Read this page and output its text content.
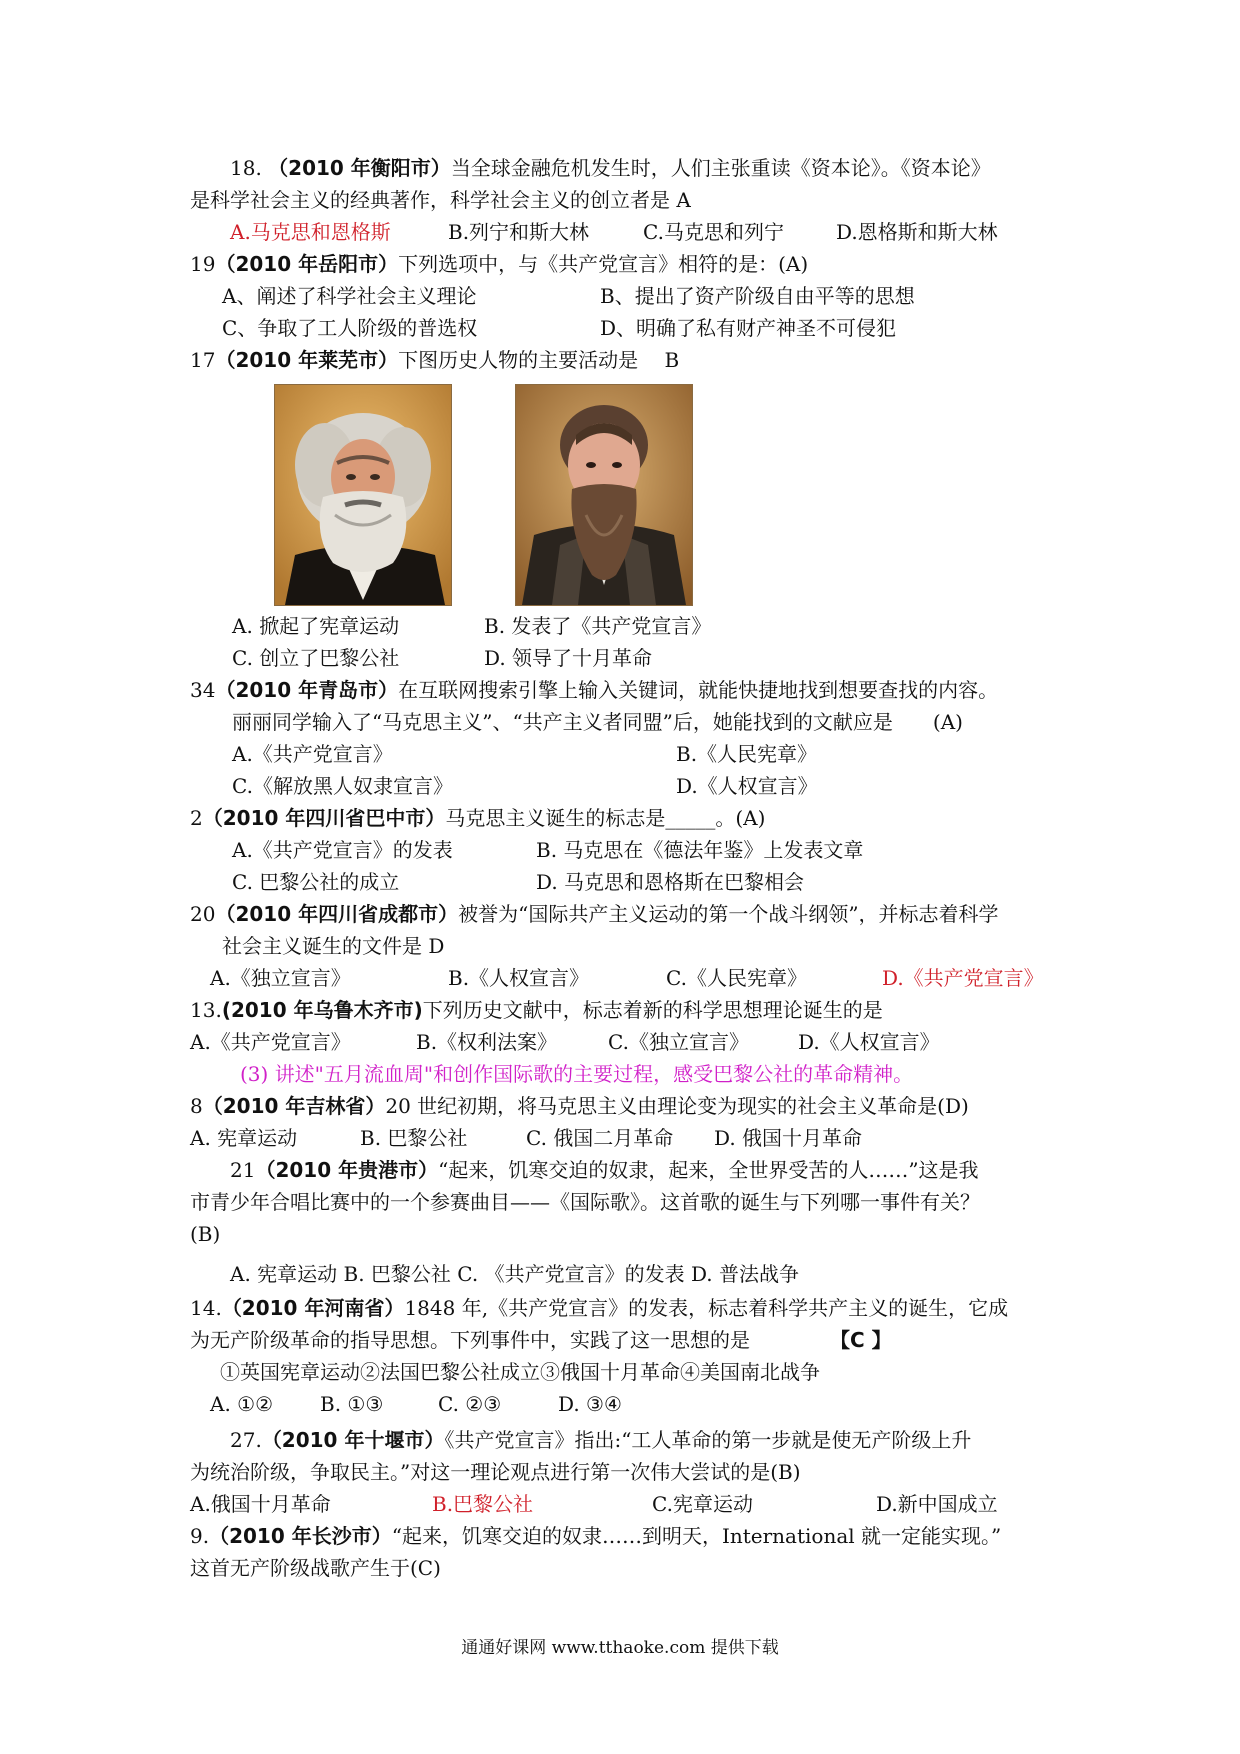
18. （2010 年衡阳市）当全球金融危机发生时，人们主张重读《资本论》。《资本论》
是科学社会主义的经典著作，科学社会主义的创立者是 A
A.马克思和恩格斯	B.列宁和斯大林	C.马克思和列宁	D.恩格斯和斯大林
19（2010 年岳阳市）下列选项中，与《共产党宣言》相符的是：(A)
A、阐述了科学社会主义理论	B、提出了资产阶级自由平等的思想
C、争取了工人阶级的普选权	D、明确了私有财产神圣不可侵犯
17（2010 年莱芜市）下图历史人物的主要活动是　 B
A. 掀起了宪章运动	B. 发表了《共产党宣言》
C. 创立了巴黎公社	D. 领导了十月革命
34（2010 年青岛市）在互联网搜索引擎上输入关键词，就能快捷地找到想要查找的内容。
丽丽同学输入了“马克思主义”、“共产主义者同盟”后，她能找到的文献应是　　(A)
A.《共产党宣言》	B.《人民宪章》
C.《解放黑人奴隶宣言》	D.《人权宣言》
2（2010 年四川省巴中市）马克思主义诞生的标志是_____。(A)
A.《共产党宣言》的发表	B. 马克思在《德法年鉴》上发表文章
C. 巴黎公社的成立	D. 马克思和恩格斯在巴黎相会
20（2010 年四川省成都市）被誉为“国际共产主义运动的第一个战斗纲领”，并标志着科学
社会主义诞生的文件是 D
A.《独立宣言》	B.《人权宣言》	C.《人民宪章》	D.《共产党宣言》
13.(2010 年乌鲁木齐市)下列历史文献中，标志着新的科学思想理论诞生的是
A.《共产党宣言》	B.《权利法案》	C.《独立宣言》 D.《人权宣言》
(3) 讲述"五月流血周"和创作国际歌的主要过程，感受巴黎公社的革命精神。
8（2010 年吉林省）20 世纪初期，将马克思主义由理论变为现实的社会主义革命是(D)
A. 宪章运动	B. 巴黎公社	C. 俄国二月革命 D. 俄国十月革命
21（2010 年贵港市）“起来，饥寒交迫的奴隶，起来，全世界受苦的人……”这是我
市青少年合唱比赛中的一个参赛曲目——《国际歌》。这首歌的诞生与下列哪一事件有关？
(B)
A. 宪章运动 B. 巴黎公社 C. 《共产党宣言》的发表 D. 普法战争
14.（2010 年河南省）1848 年,《共产党宣言》的发表，标志着科学共产主义的诞生，它成
为无产阶级革命的指导思想。下列事件中，实践了这一思想的是	【C 】
①英国宪章运动②法国巴黎公社成立③俄国十月革命④美国南北战争
A. ①② B. ①③	C. ②③	D. ③④
27.（2010 年十堰市）《共产党宣言》指出:“工人革命的第一步就是使无产阶级上升
为统治阶级，争取民主。”对这一理论观点进行第一次伟大尝试的是(B)
A.俄国十月革命	B.巴黎公社	C.宪章运动	D.新中国成立
9.（2010 年长沙市）“起来，饥寒交迫的奴隶……到明天，International 就一定能实现。”
这首无产阶级战歌产生于(C)
通通好课网 www.tthaoke.com 提供下载
